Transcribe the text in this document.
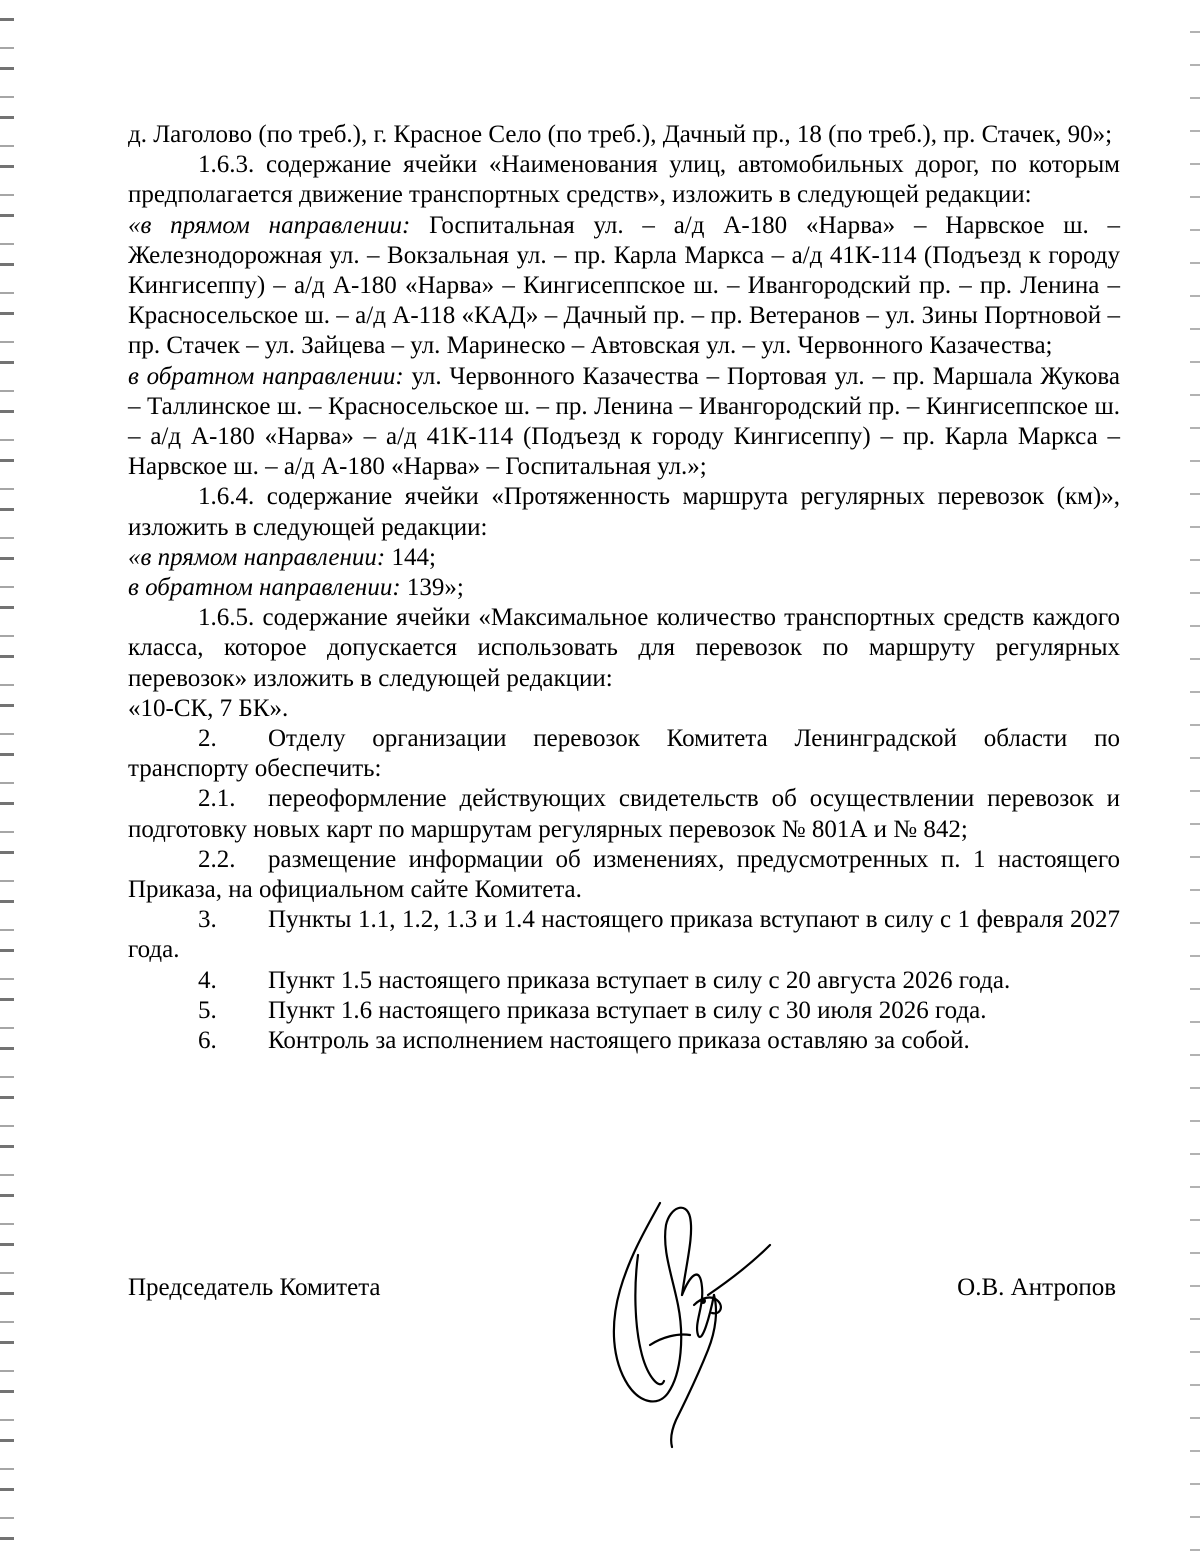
д. Лаголово (по треб.), г. Красное Село (по треб.), Дачный пр., 18 (по треб.), пр. Стачек, 90»;

1.6.3. содержание ячейки «Наименования улиц, автомобильных дорог, по которым предполагается движение транспортных средств», изложить в следующей редакции:

«в прямом направлении: Госпитальная ул. – а/д А-180 «Нарва» – Нарвское ш. – Железнодорожная ул. – Вокзальная ул. – пр. Карла Маркса – а/д 41К-114 (Подъезд к городу Кингисеппу) – а/д А-180 «Нарва» – Кингисеппское ш. – Ивангородский пр. – пр. Ленина – Красносельское ш. – а/д А-118 «КАД» – Дачный пр. – пр. Ветеранов – ул. Зины Портновой – пр. Стачек – ул. Зайцева – ул. Маринеско – Автовская ул. – ул. Червонного Казачества;

в обратном направлении: ул. Червонного Казачества – Портовая ул. – пр. Маршала Жукова – Таллинское ш. – Красносельское ш. – пр. Ленина – Ивангородский пр. – Кингисеппское ш. – а/д А-180 «Нарва» – а/д 41К-114 (Подъезд к городу Кингисеппу) – пр. Карла Маркса – Нарвское ш. – а/д А-180 «Нарва» – Госпитальная ул.»;

1.6.4. содержание ячейки «Протяженность маршрута регулярных перевозок (км)», изложить в следующей редакции:

«в прямом направлении: 144;

в обратном направлении: 139»;

1.6.5. содержание ячейки «Максимальное количество транспортных средств каждого класса, которое допускается использовать для перевозок по маршруту регулярных перевозок» изложить в следующей редакции:

«10-СК, 7 БК».

2. Отделу организации перевозок Комитета Ленинградской области по транспорту обеспечить:

2.1. переоформление действующих свидетельств об осуществлении перевозок и подготовку новых карт по маршрутам регулярных перевозок № 801А и № 842;

2.2. размещение информации об изменениях, предусмотренных п. 1 настоящего Приказа, на официальном сайте Комитета.

3. Пункты 1.1, 1.2, 1.3 и 1.4 настоящего приказа вступают в силу с 1 февраля 2027 года.

4. Пункт 1.5 настоящего приказа вступает в силу с 20 августа 2026 года.

5. Пункт 1.6 настоящего приказа вступает в силу с 30 июля 2026 года.

6. Контроль за исполнением настоящего приказа оставляю за собой.

Председатель Комитета	О.В. Антропов
